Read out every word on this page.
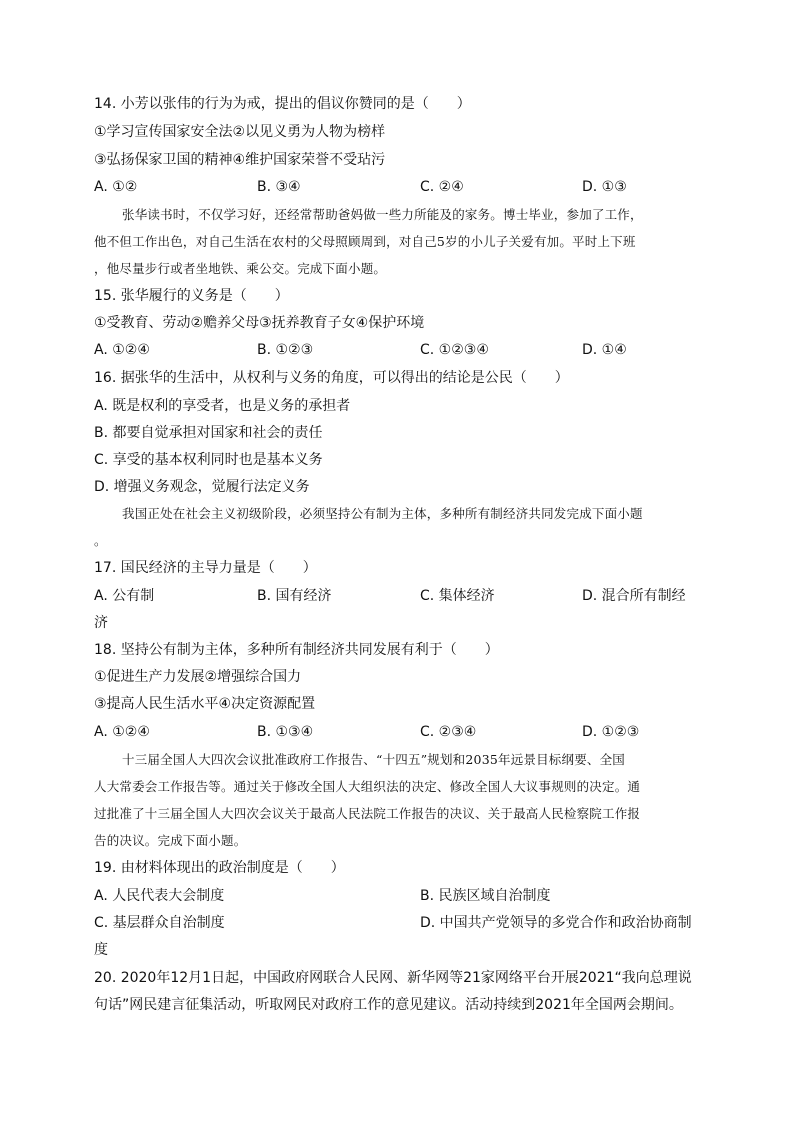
14. 小芳以张伟的行为为戒，提出的倡议你赞同的是（　　）
①学习宣传国家安全法②以见义勇为人物为榜样
③弘扬保家卫国的精神④维护国家荣誉不受玷污
A. ①②	B. ③④	C. ②④	D. ①③
张华读书时，不仅学习好，还经常帮助爸妈做一些力所能及的家务。博士毕业，参加了工作，
他不但工作出色，对自己生活在农村的父母照顾周到，对自己5岁的小儿子关爱有加。平时上下班
，他尽量步行或者坐地铁、乘公交。完成下面小题。
15. 张华履行的义务是（　　）
①受教育、劳动②赡养父母③抚养教育子女④保护环境
A. ①②④	B. ①②③	C. ①②③④	D. ①④
16. 据张华的生活中，从权利与义务的角度，可以得出的结论是公民（　　）
A. 既是权利的享受者，也是义务的承担者
B. 都要自觉承担对国家和社会的责任
C. 享受的基本权利同时也是基本义务
D. 增强义务观念，觉履行法定义务
我国正处在社会主义初级阶段，必须坚持公有制为主体，多种所有制经济共同发完成下面小题
。
17. 国民经济的主导力量是（　　）
A. 公有制	B. 国有经济	C. 集体经济	D. 混合所有制经
济
18. 坚持公有制为主体，多种所有制经济共同发展有利于（　　）
①促进生产力发展②增强综合国力
③提高人民生活水平④决定资源配置
A. ①②④	B. ①③④	C. ②③④	D. ①②③
十三届全国人大四次会议批准政府工作报告、“十四五”规划和2035年远景目标纲要、全国
人大常委会工作报告等。通过关于修改全国人大组织法的决定、修改全国人大议事规则的决定。通
过批准了十三届全国人大四次会议关于最高人民法院工作报告的决议、关于最高人民检察院工作报
告的决议。完成下面小题。
19. 由材料体现出的政治制度是（　　）
A. 人民代表大会制度	B. 民族区域自治制度
C. 基层群众自治制度	D. 中国共产党领导的多党合作和政治协商制
度
20. 2020年12月1日起，中国政府网联合人民网、新华网等21家网络平台开展2021“我向总理说
句话”网民建言征集活动，听取网民对政府工作的意见建议。活动持续到2021年全国两会期间。
